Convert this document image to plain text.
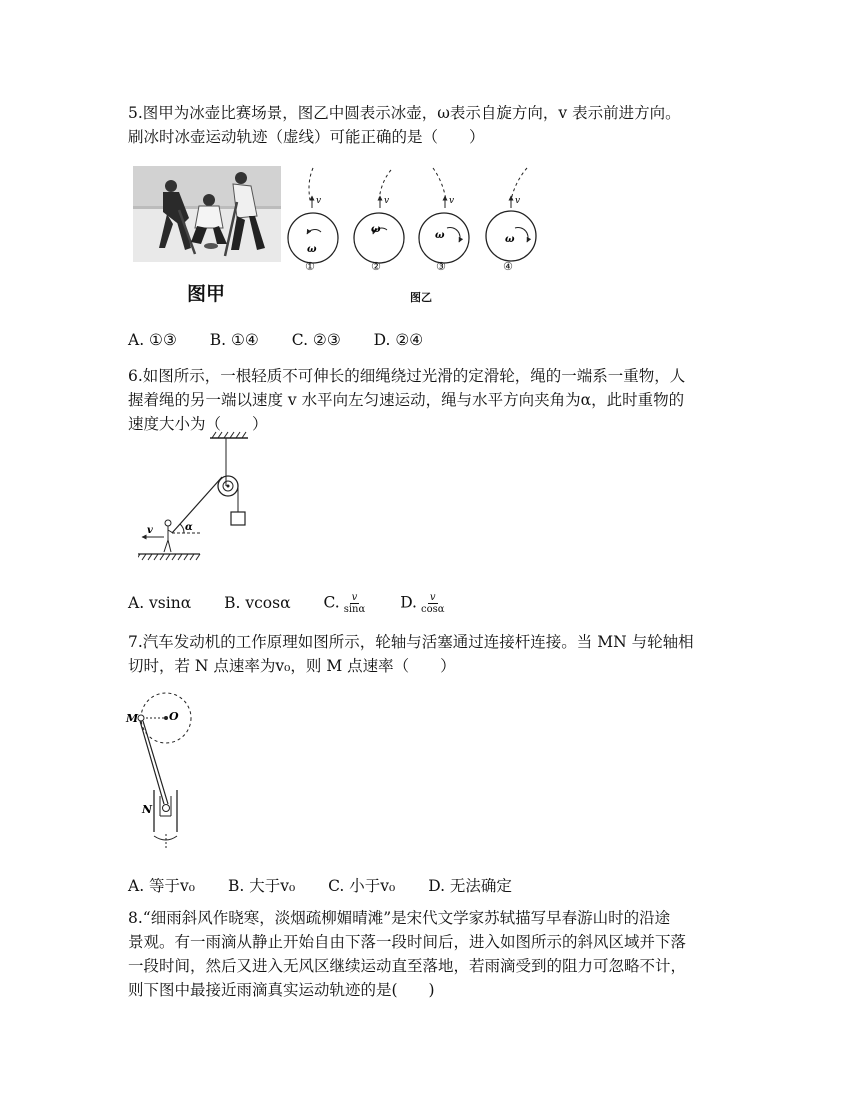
5.图甲为冰壶比赛场景，图乙中圆表示冰壶，ω表示自旋方向，v 表示前进方向。

刷冰时冰壶运动轨迹（虚线）可能正确的是（　　）

图甲
v
ω
v
ω
v
ω
v
ω
①	②	③	④
图乙
A. ①③ B. ①④ C. ②③ D. ②④

6.如图所示，一根轻质不可伸长的细绳绕过光滑的定滑轮，绳的一端系一重物，人

握着绳的另一端以速度 v 水平向左匀速运动，绳与水平方向夹角为α，此时重物的

速度大小为（　　）

α
v
A. vsinα B. vcosα C. $\frac{v}{\sin\alpha} D$. $\frac{v}{\cos\alpha}$

7.汽车发动机的工作原理如图所示，轮轴与活塞通过连接杆连接。当 MN 与轮轴相

切时，若 N 点速率为v₀，则 M 点速率（　　）

M	O
N
A. 等于v₀ B. 大于v₀ C. 小于v₀ D. 无法确定

8.“细雨斜风作晓寒，淡烟疏柳媚晴滩”是宋代文学家苏轼描写早春游山时的沿途

景观。有一雨滴从静止开始自由下落一段时间后，进入如图所示的斜风区域并下落

一段时间，然后又进入无风区继续运动直至落地，若雨滴受到的阻力可忽略不计，

则下图中最接近雨滴真实运动轨迹的是(　　)
